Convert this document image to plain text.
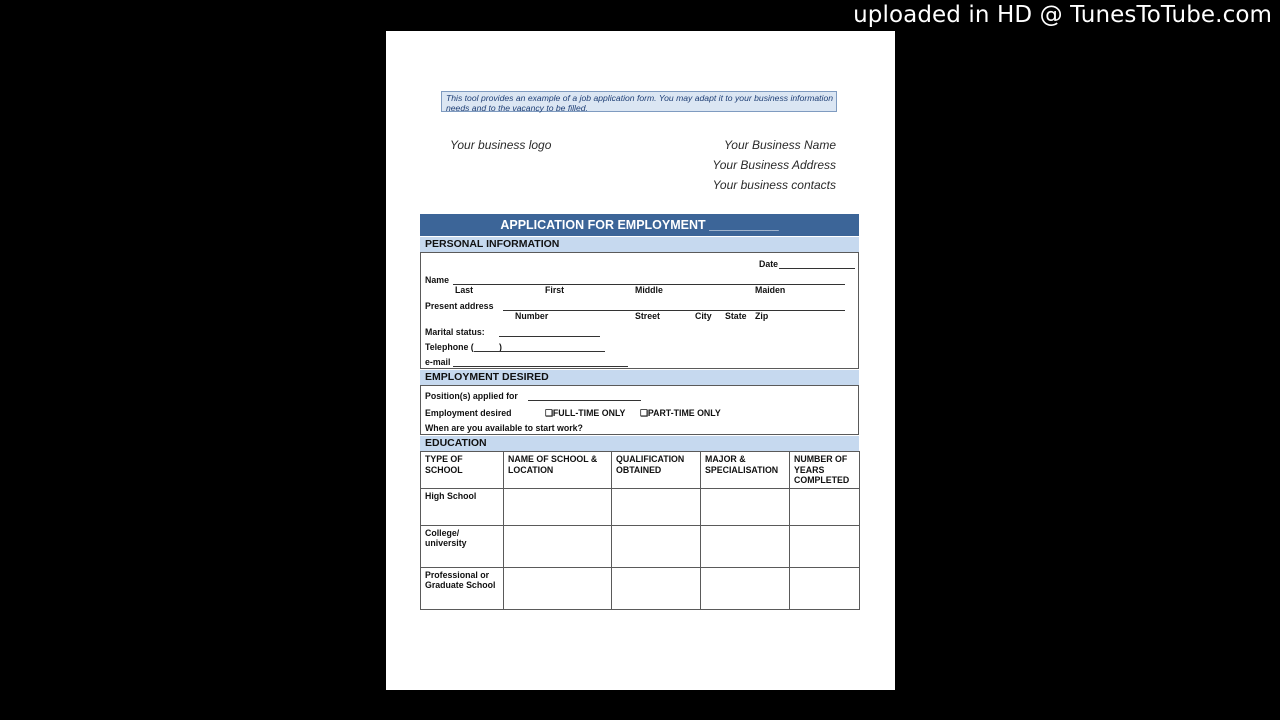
uploaded in HD @ TunesToTube.com
This tool provides an example of a job application form. You may adapt it to your business information needs and to the vacancy to be filled.
Your business logo	Your Business Name
Your Business Address
Your business contacts
APPLICATION FOR EMPLOYMENT __________
PERSONAL INFORMATION
Date
Name
Last	First	Middle	Maiden
Present address
Number	Street	City State Zip
Marital status:
Telephone (	)
e-mail
EMPLOYMENT DESIRED
Position(s) applied for
Employment desired	❑FULL-TIME ONLY ❑PART-TIME ONLY
When are you available to start work?
EDUCATION
TYPE OF SCHOOL	NAME OF SCHOOL & LOCATION	QUALIFICATION OBTAINED	MAJOR & SPECIALISATION	NUMBER OF YEARS COMPLETED
High School				
College/ university				
Professional or Graduate School				
